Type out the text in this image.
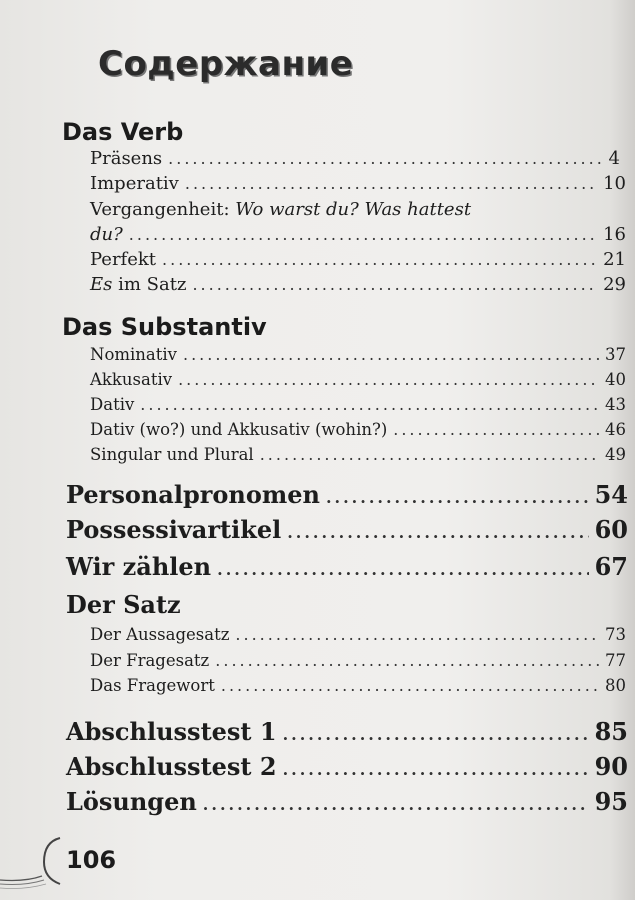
Содержание
Das Verb
Präsens .....	4
Imperativ .....	10
Vergangenheit: Wo warst du? Was hattest
du? .....	16
Perfekt .....	21
Es im Satz .....	29
Das Substantiv
Nominativ .....	37
Akkusativ .....	40
Dativ .....	43
Dativ (wo?) und Akkusativ (wohin?) .....	46
Singular und Plural .....	49
Personalpronomen .....	54
Possessivartikel .....	60
Wir zählen .....	67
Der Satz
Der Aussagesatz .....	73
Der Fragesatz .....	77
Das Fragewort .....	80
Abschlusstest 1 .....	85
Abschlusstest 2 .....	90
Lösungen .....	95
106
